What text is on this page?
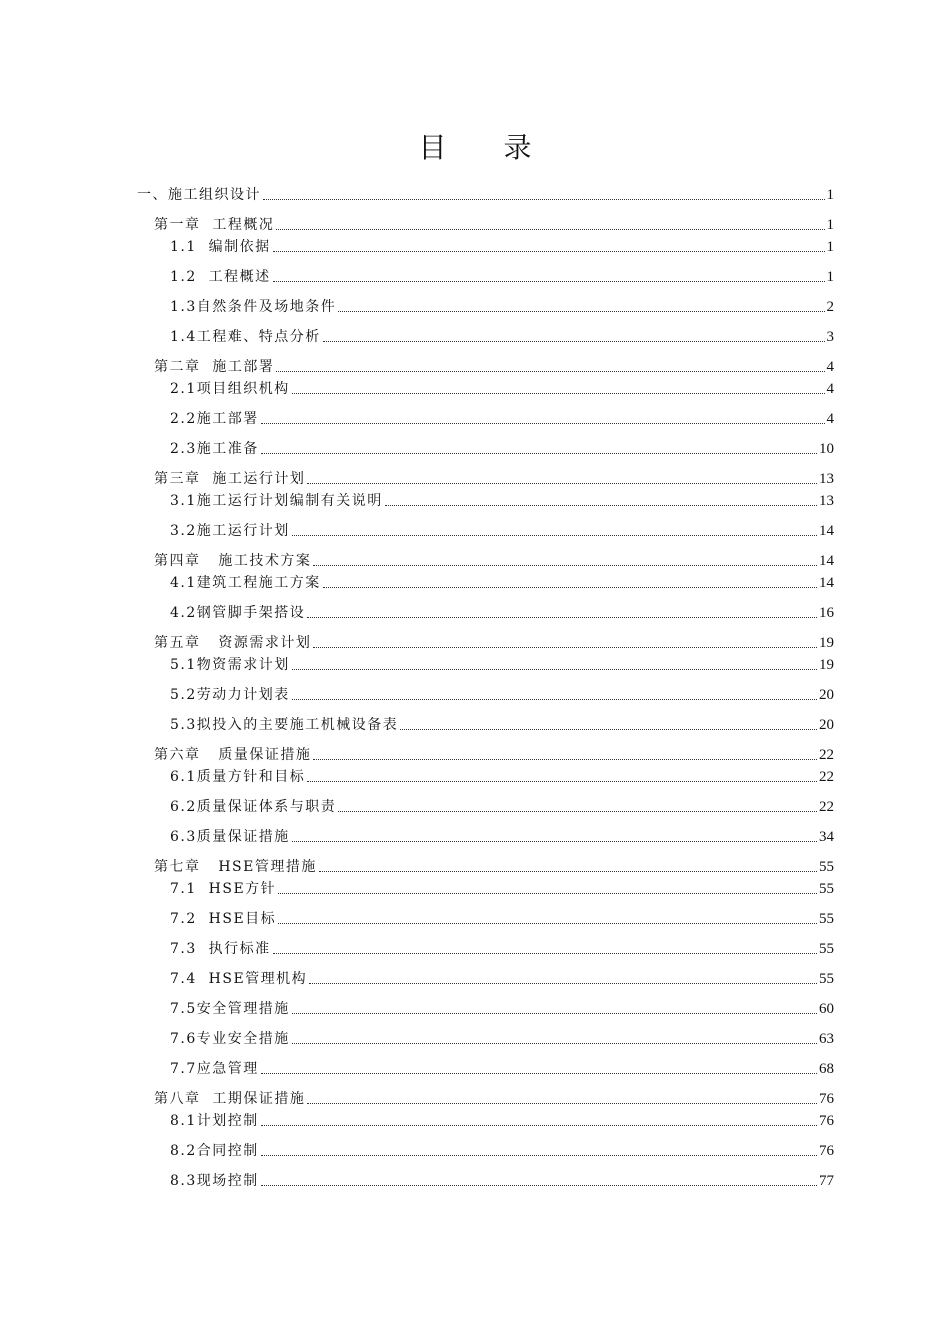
目 录
一、施工组织设计	1
第一章  工程概况	1
1.1  编制依据	1
1.2  工程概述	1
1.3自然条件及场地条件	2
1.4工程难、特点分析	3
第二章  施工部署	4
2.1项目组织机构	4
2.2施工部署	4
2.3施工准备	10
第三章  施工运行计划	13
3.1施工运行计划编制有关说明	13
3.2施工运行计划	14
第四章   施工技术方案	14
4.1建筑工程施工方案	14
4.2钢管脚手架搭设	16
第五章   资源需求计划	19
5.1物资需求计划	19
5.2劳动力计划表	20
5.3拟投入的主要施工机械设备表	20
第六章   质量保证措施	22
6.1质量方针和目标	22
6.2质量保证体系与职责	22
6.3质量保证措施	34
第七章   HSE管理措施	55
7.1  HSE方针	55
7.2  HSE目标	55
7.3  执行标准	55
7.4  HSE管理机构	55
7.5安全管理措施	60
7.6专业安全措施	63
7.7应急管理	68
第八章  工期保证措施	76
8.1计划控制	76
8.2合同控制	76
8.3现场控制	77
